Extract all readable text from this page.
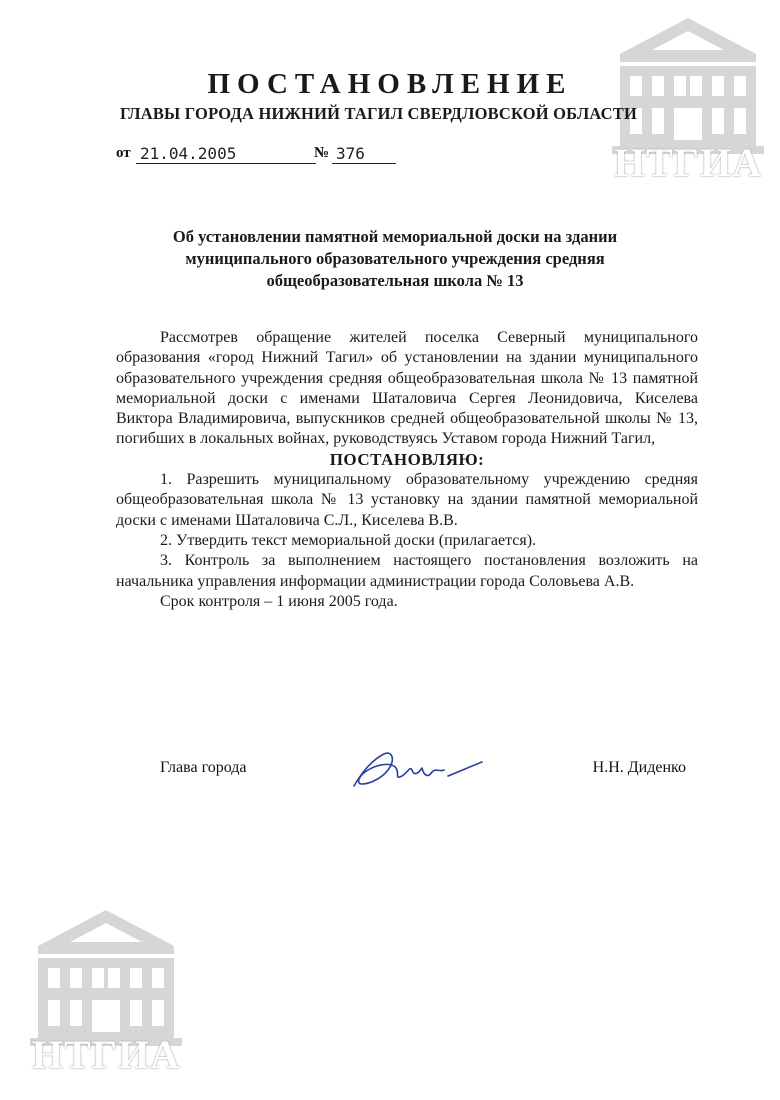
НТГИА
НТГИА
ПОСТАНОВЛЕНИЕ
ГЛАВЫ ГОРОДА НИЖНИЙ ТАГИЛ СВЕРДЛОВСКОЙ ОБЛАСТИ
от 21.04.2005	№ 376
Об установлении памятной мемориальной доски на здании
муниципального образовательного учреждения средняя
общеобразовательная школа № 13

Рассмотрев обращение жителей поселка Северный муниципального образования «город Нижний Тагил» об установлении на здании муниципального образовательного учреждения средняя общеобразовательная школа № 13 памятной мемориальной доски с именами Шаталовича Сергея Леонидовича, Киселева Виктора Владимировича, выпускников средней общеобразовательной школы № 13, погибших в локальных войнах, руководствуясь Уставом города Нижний Тагил,

ПОСТАНОВЛЯЮ:

1. Разрешить муниципальному образовательному учреждению средняя общеобразовательная школа № 13 установку на здании памятной мемориальной доски с именами Шаталовича С.Л., Киселева В.В.

2. Утвердить текст мемориальной доски (прилагается).

3. Контроль за выполнением настоящего постановления возложить на начальника управления информации администрации города Соловьева А.В.

Срок контроля – 1 июня 2005 года.

Глава города	Н.Н. Диденко
